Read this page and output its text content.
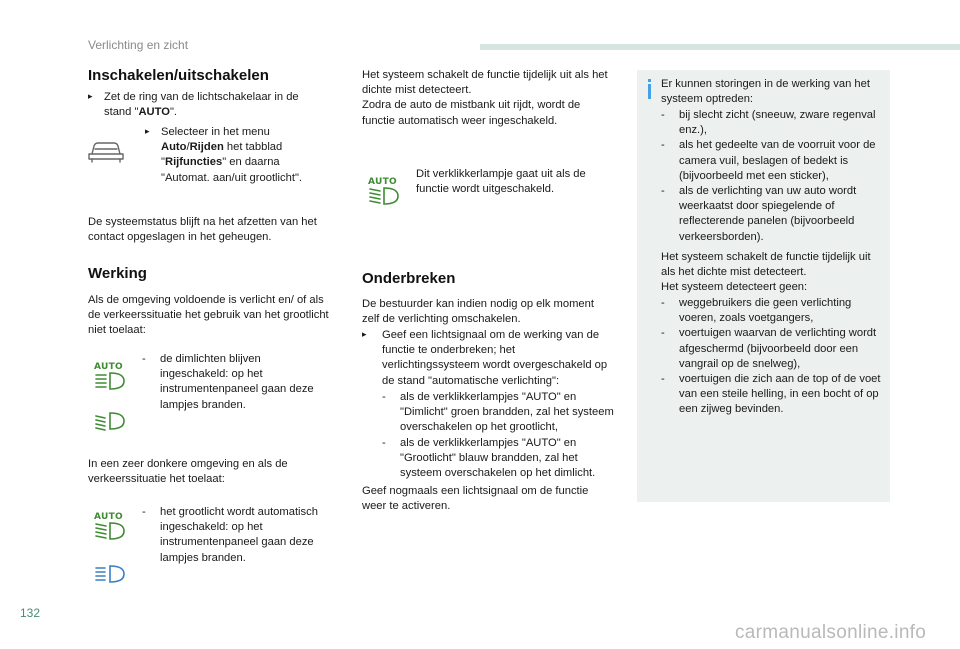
Verlichting en zicht
Inschakelen/uitschakelen
▸	Zet de ring van de lichtschakelaar in de stand "AUTO".
▸	Selecteer in het menu Auto/Rijden het tabblad "Rijfuncties" en daarna "Automat. aan/uit grootlicht".
De systeemstatus blijft na het afzetten van het contact opgeslagen in het geheugen.
Werking
Als de omgeving voldoende is verlicht en/ of als de verkeerssituatie het gebruik van het grootlicht niet toelaat:
AUTO
-	de dimlichten blijven ingeschakeld: op het instrumentenpaneel gaan deze lampjes branden.
In een zeer donkere omgeving en als de verkeerssituatie het toelaat:
AUTO -	het grootlicht wordt automatisch ingeschakeld: op het instrumentenpaneel gaan deze lampjes branden.
Het systeem schakelt de functie tijdelijk uit als het dichte mist detecteert.
Zodra de auto de mistbank uit rijdt, wordt de functie automatisch weer ingeschakeld.
AUTO
Dit verklikkerlampje gaat uit als de functie wordt uitgeschakeld.
Onderbreken
De bestuurder kan indien nodig op elk moment zelf de verlichting omschakelen.
▸	Geef een lichtsignaal om de werking van de functie te onderbreken; het verlichtingssysteem wordt overgeschakeld op de stand "automatische verlichting":
-	als de verklikkerlampjes "AUTO" en "Dimlicht" groen brandden, zal het systeem overschakelen op het grootlicht,
-	als de verklikkerlampjes "AUTO" en "Grootlicht" blauw brandden, zal het systeem overschakelen op het dimlicht.
Geef nogmaals een lichtsignaal om de functie weer te activeren.
Er kunnen storingen in de werking van het systeem optreden:
-	bij slecht zicht (sneeuw, zware regenval enz.),
-	als het gedeelte van de voorruit voor de camera vuil, beslagen of bedekt is (bijvoorbeeld met een sticker),
-	als de verlichting van uw auto wordt weerkaatst door spiegelende of reflecterende panelen (bijvoorbeeld verkeersborden).
Het systeem schakelt de functie tijdelijk uit als het dichte mist detecteert.
Het systeem detecteert geen:
-	weggebruikers die geen verlichting voeren, zoals voetgangers,
-	voertuigen waarvan de verlichting wordt afgeschermd (bijvoorbeeld door een vangrail op de snelweg),
-	voertuigen die zich aan de top of de voet van een steile helling, in een bocht of op een zijweg bevinden.
132
carmanualsonline.info
